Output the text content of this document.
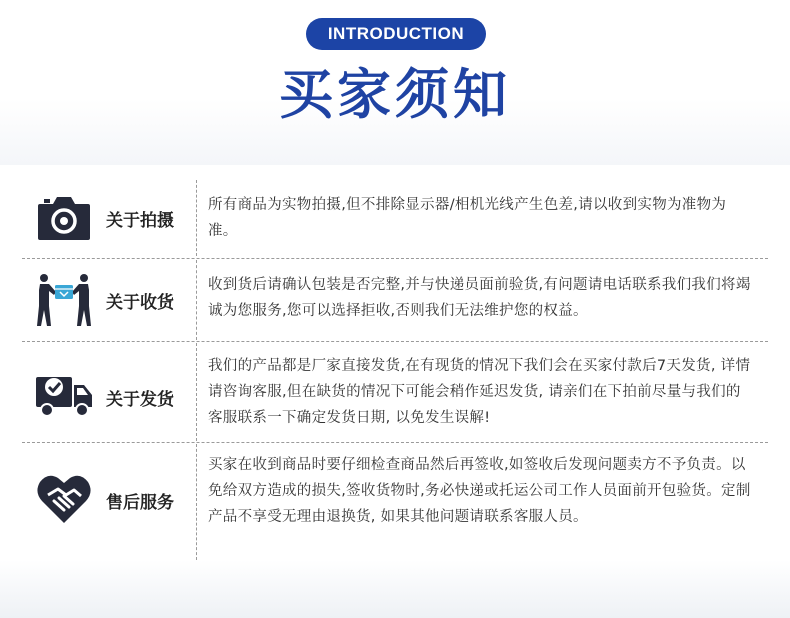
INTRODUCTION
买家须知
关于拍摄
所有商品为实物拍摄,但不排除显示器/相机光线产生色差,请以收到实物为准物为准。
关于收货
收到货后请确认包装是否完整,并与快递员面前验货,有问题请电话联系我们我们将竭诚为您服务,您可以选择拒收,否则我们无法维护您的权益。
关于发货
我们的产品都是厂家直接发货,在有现货的情况下我们会在买家付款后7天发货, 详情请咨询客服,但在缺货的情况下可能会稍作延迟发货, 请亲们在下拍前尽量与我们的客服联系一下确定发货日期, 以免发生误解!
售后服务
买家在收到商品时要仔细检查商品然后再签收,如签收后发现问题卖方不予负责。以免给双方造成的损失,签收货物时,务必快递或托运公司工作人员面前开包验货。定制产品不享受无理由退换货, 如果其他问题请联系客服人员。
